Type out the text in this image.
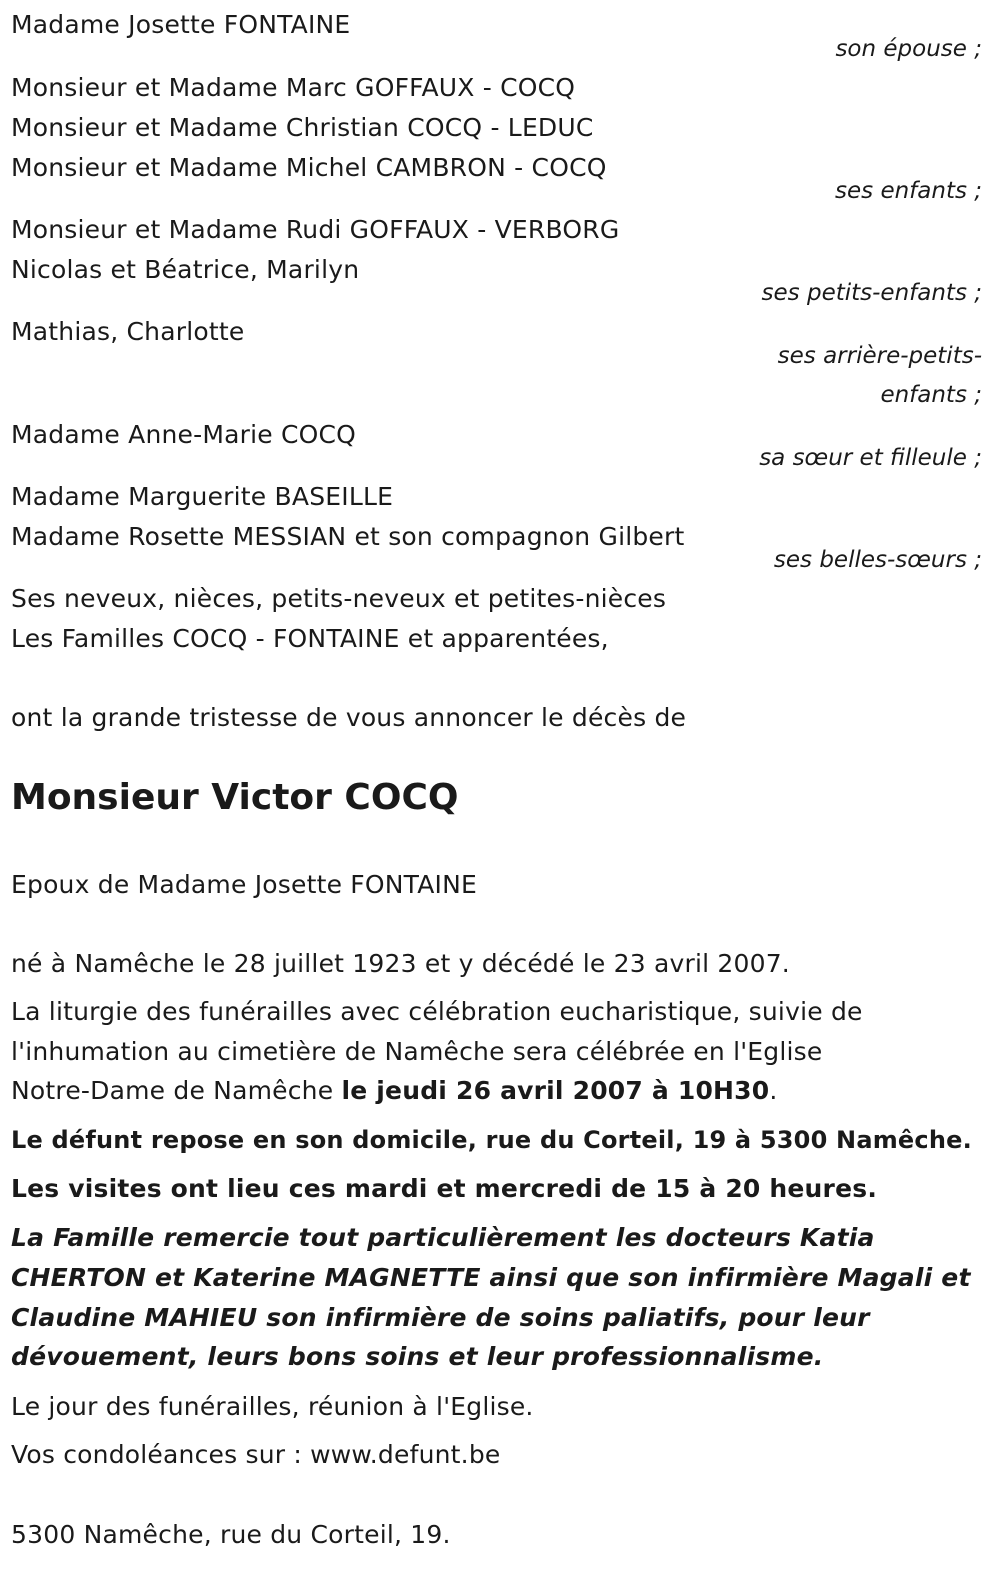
Madame Josette FONTAINE
son épouse ;
Monsieur et Madame Marc GOFFAUX - COCQ
Monsieur et Madame Christian COCQ - LEDUC
Monsieur et Madame Michel CAMBRON - COCQ
ses enfants ;
Monsieur et Madame Rudi GOFFAUX - VERBORG
Nicolas et Béatrice, Marilyn
ses petits-enfants ;
Mathias, Charlotte
ses arrière-petits-
enfants ;
Madame Anne-Marie COCQ
sa sœur et filleule ;
Madame Marguerite BASEILLE
Madame Rosette MESSIAN et son compagnon Gilbert
ses belles-sœurs ;
Ses neveux, nièces, petits-neveux et petites-nièces
Les Familles COCQ - FONTAINE et apparentées,
ont la grande tristesse de vous annoncer le décès de
Monsieur Victor COCQ
Epoux de Madame Josette FONTAINE
né à Namêche le 28 juillet 1923 et y décédé le 23 avril 2007.
La liturgie des funérailles avec célébration eucharistique, suivie de
l'inhumation au cimetière de Namêche sera célébrée en l'Eglise
Notre-Dame de Namêche le jeudi 26 avril 2007 à 10H30.
Le défunt repose en son domicile, rue du Corteil, 19 à 5300 Namêche.
Les visites ont lieu ces mardi et mercredi de 15 à 20 heures.
La Famille remercie tout particulièrement les docteurs Katia
CHERTON et Katerine MAGNETTE ainsi que son infirmière Magali et
Claudine MAHIEU son infirmière de soins paliatifs, pour leur
dévouement, leurs bons soins et leur professionnalisme.
Le jour des funérailles, réunion à l'Eglise.
Vos condoléances sur : www.defunt.be
5300 Namêche, rue du Corteil, 19.
